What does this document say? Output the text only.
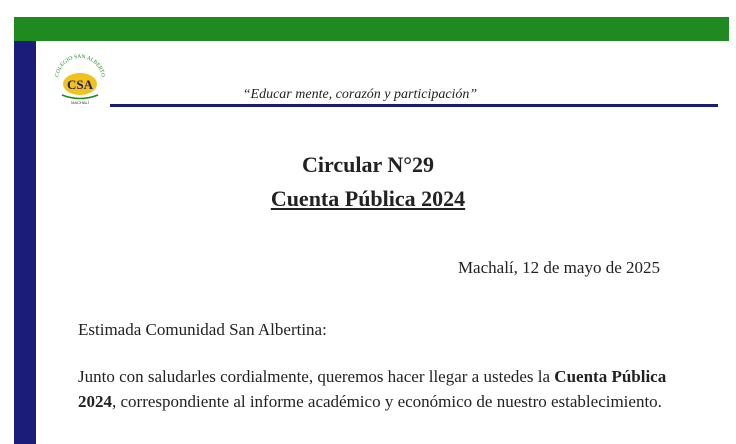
COLEGIO SAN ALBERTO
CSA
MACHALÍ
“Educar mente, corazón y participación”
Circular N°29
Cuenta Pública 2024
Machalí, 12 de mayo de 2025
Estimada Comunidad San Albertina:
Junto con saludarles cordialmente, queremos hacer llegar a ustedes la Cuenta Pública 2024, correspondiente al informe académico y económico de nuestro establecimiento.
